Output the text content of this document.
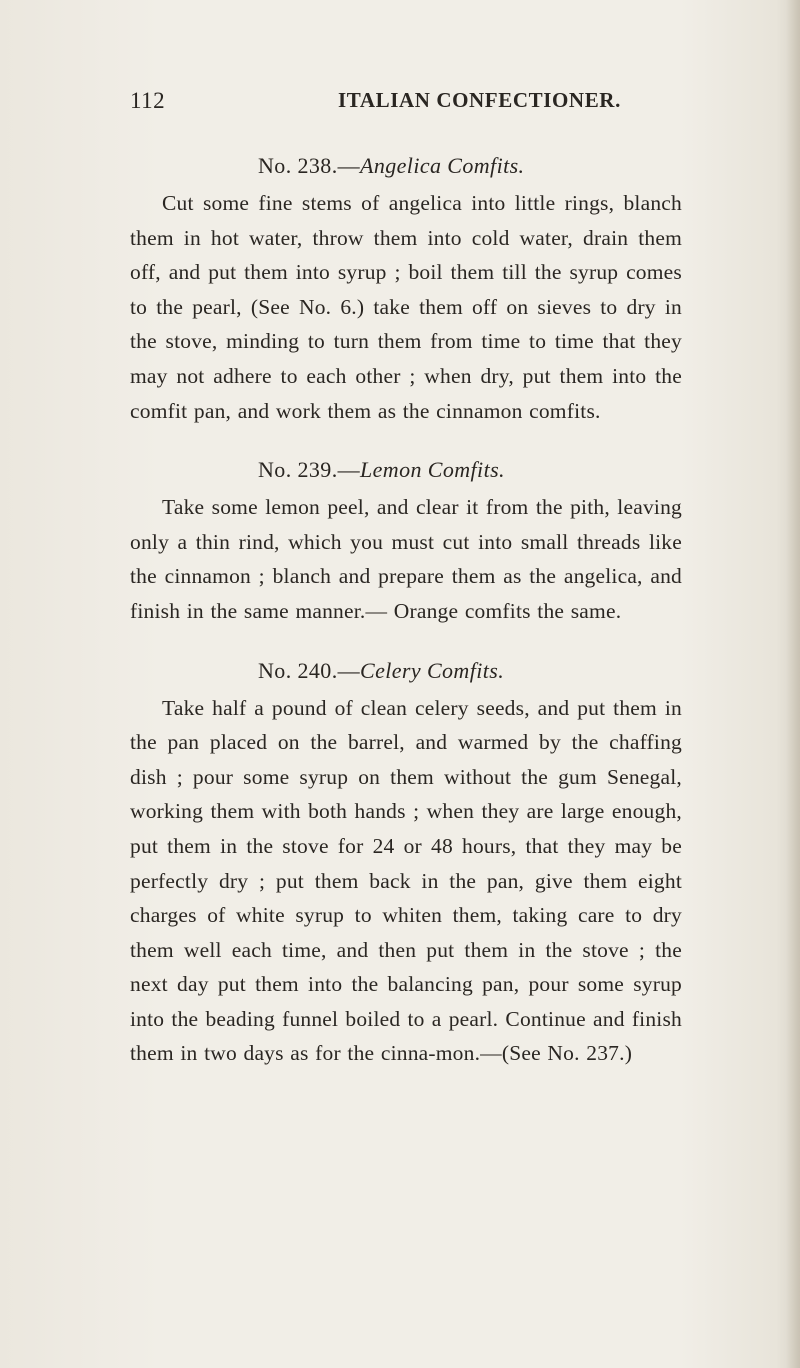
112	ITALIAN CONFECTIONER.

No. 238.—Angelica Comfits.

Cut some fine stems of angelica into little rings, blanch them in hot water, throw them into cold water, drain them off, and put them into syrup ; boil them till the syrup comes to the pearl, (See No. 6.) take them off on sieves to dry in the stove, minding to turn them from time to time that they may not adhere to each other ; when dry, put them into the comfit pan, and work them as the cinnamon comfits.

No. 239.—Lemon Comfits.

Take some lemon peel, and clear it from the pith, leaving only a thin rind, which you must cut into small threads like the cinnamon ; blanch and prepare them as the angelica, and finish in the same manner.— Orange comfits the same.

No. 240.—Celery Comfits.

Take half a pound of clean celery seeds, and put them in the pan placed on the barrel, and warmed by the chaffing dish ; pour some syrup on them without the gum Senegal, working them with both hands ; when they are large enough, put them in the stove for 24 or 48 hours, that they may be perfectly dry ; put them back in the pan, give them eight charges of white syrup to whiten them, taking care to dry them well each time, and then put them in the stove ; the next day put them into the balancing pan, pour some syrup into the beading funnel boiled to a pearl. Continue and finish them in two days as for the cinna-mon.—(See No. 237.)
